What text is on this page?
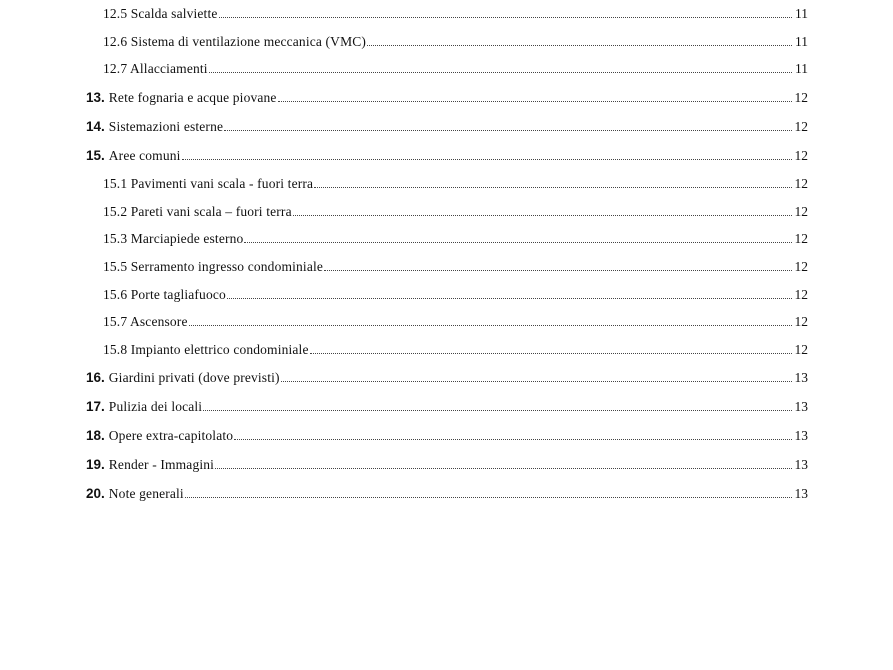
12.5 Scalda salviette	11
12.6 Sistema di ventilazione meccanica (VMC)	11
12.7 Allacciamenti	11
13. Rete fognaria e acque piovane	12
14. Sistemazioni esterne	12
15. Aree comuni	12
15.1 Pavimenti vani scala - fuori terra	12
15.2 Pareti vani scala – fuori terra	12
15.3 Marciapiede esterno	12
15.5 Serramento ingresso condominiale	12
15.6 Porte tagliafuoco	12
15.7 Ascensore	12
15.8 Impianto elettrico condominiale	12
16. Giardini privati (dove previsti)	13
17. Pulizia dei locali	13
18. Opere extra-capitolato	13
19. Render - Immagini	13
20. Note generali	13
